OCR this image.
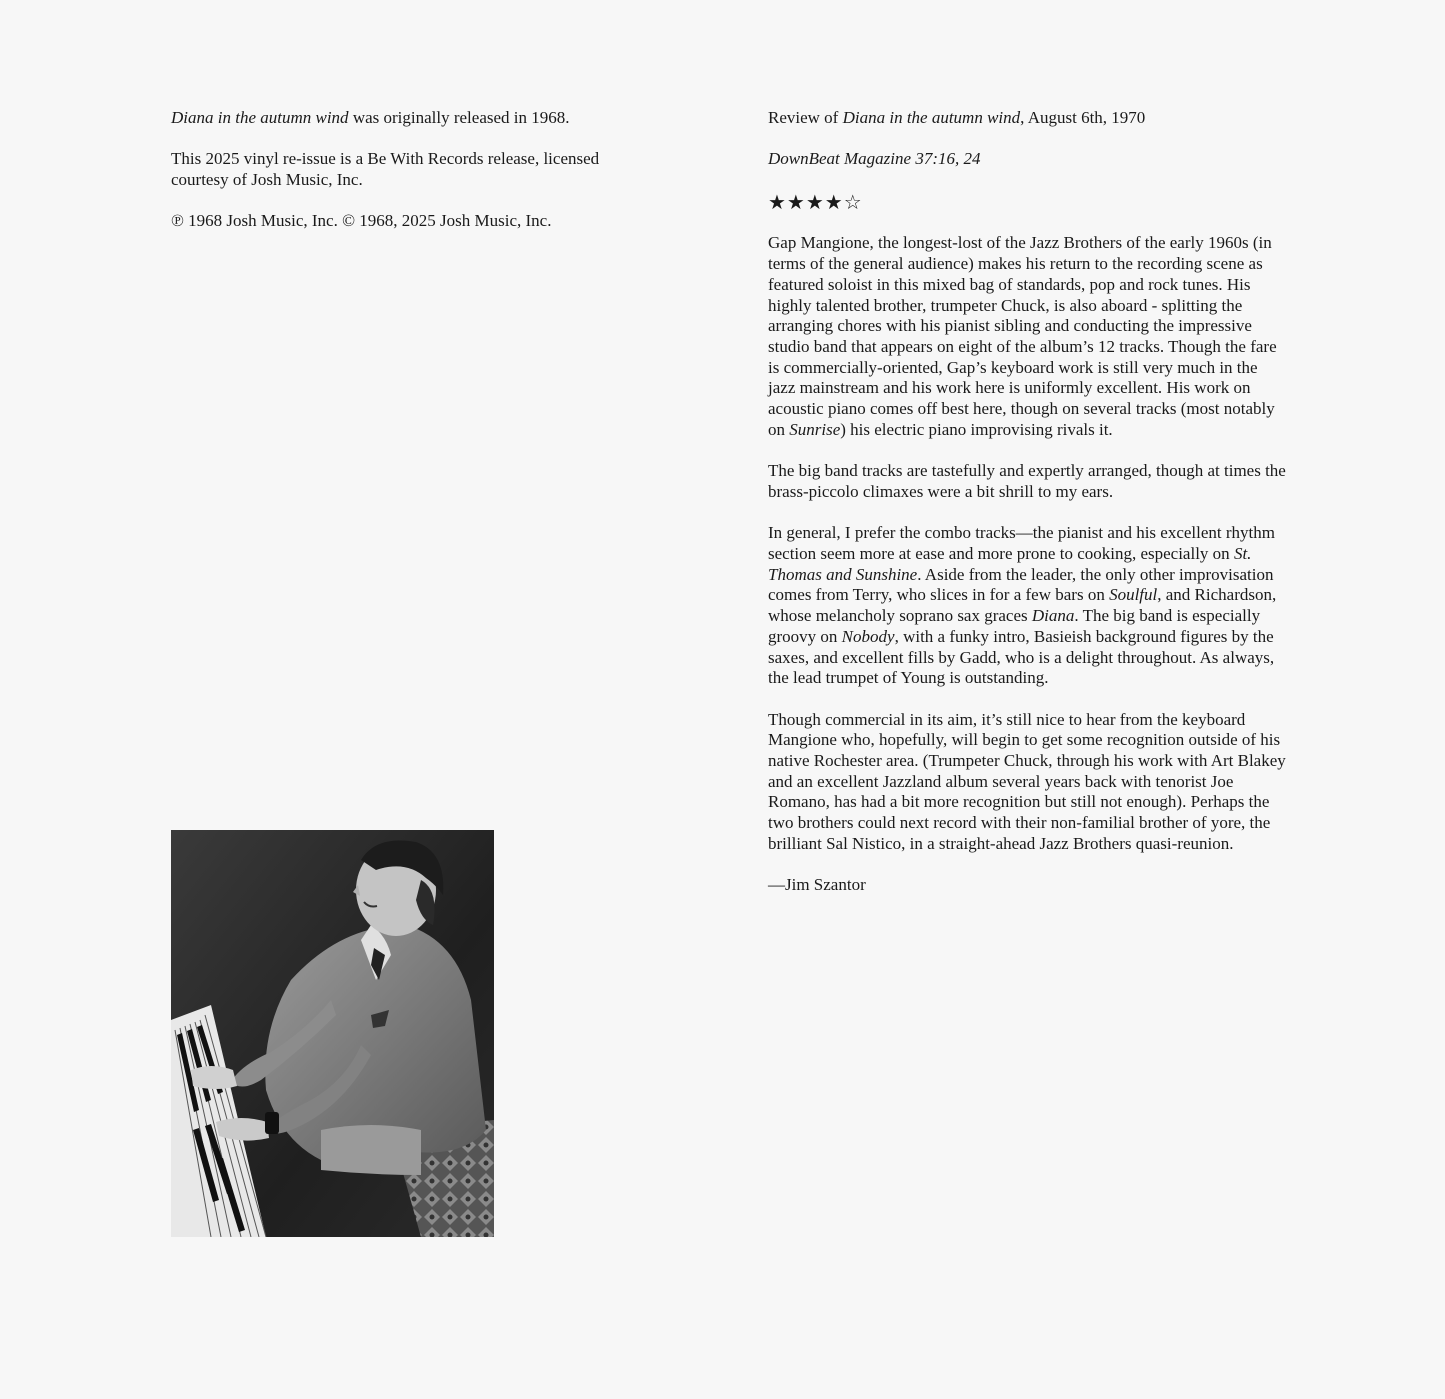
Diana in the autumn wind was originally released in 1968.

This 2025 vinyl re-issue is a Be With Records release, licensed courtesy of Josh Music, Inc.

℗ 1968 Josh Music, Inc. © 1968, 2025 Josh Music, Inc.

Review of Diana in the autumn wind, August 6th, 1970

DownBeat Magazine 37:16, 24

★★★★☆

Gap Mangione, the longest-lost of the Jazz Brothers of the early 1960s (in terms of the general audience) makes his return to the recording scene as featured soloist in this mixed bag of standards, pop and rock tunes. His highly talented brother, trumpeter Chuck, is also aboard - splitting the arranging chores with his pianist sibling and conducting the impressive studio band that appears on eight of the album’s 12 tracks. Though the fare is commercially-oriented, Gap’s keyboard work is still very much in the jazz mainstream and his work here is uniformly excellent. His work on acoustic piano comes off best here, though on several tracks (most notably on Sunrise) his electric piano improvising rivals it.

The big band tracks are tastefully and expertly arranged, though at times the brass-piccolo climaxes were a bit shrill to my ears.

In general, I prefer the combo tracks—the pianist and his excellent rhythm section seem more at ease and more prone to cooking, especially on St. Thomas and Sunshine. Aside from the leader, the only other improvisation comes from Terry, who slices in for a few bars on Soulful, and Richardson, whose melancholy soprano sax graces Diana. The big band is especially groovy on Nobody, with a funky intro, Basieish background figures by the saxes, and excellent fills by Gadd, who is a delight throughout. As always, the lead trumpet of Young is outstanding.

Though commercial in its aim, it’s still nice to hear from the keyboard Mangione who, hopefully, will begin to get some recognition outside of his native Rochester area. (Trumpeter Chuck, through his work with Art Blakey and an excellent Jazzland album several years back with tenorist Joe Romano, has had a bit more recognition but still not enough). Perhaps the two brothers could next record with their non-familial brother of yore, the brilliant Sal Nistico, in a straight-ahead Jazz Brothers quasi-reunion.

—Jim Szantor
